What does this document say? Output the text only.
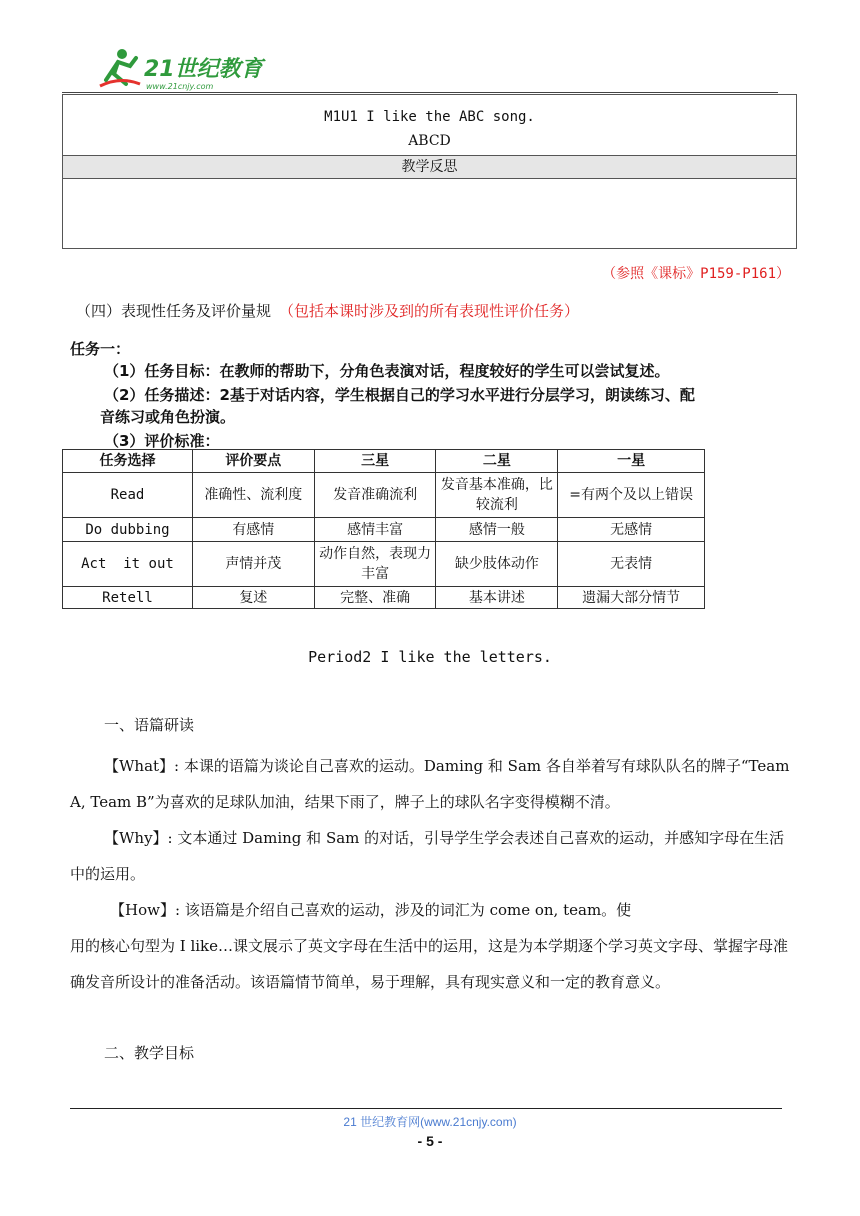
21世纪教育
www.21cnjy.com
M1U1 I like the ABC song.
ABCD
教学反思
（参照《课标》P159-P161）
（四）表现性任务及评价量规 （包括本课时涉及到的所有表现性评价任务）
任务一：
（1）任务目标：在教师的帮助下，分角色表演对话，程度较好的学生可以尝试复述。
（2）任务描述：2基于对话内容，学生根据自己的学习水平进行分层学习，朗读练习、配
音练习或角色扮演。
（3）评价标准：
任务选择	评价要点	三星	二星	一星
Read	准确性、流利度	发音准确流利	发音基本准确，比较流利	=有两个及以上错误
Do dubbing	有感情	感情丰富	感情一般	无感情
Act  it out	声情并茂	动作自然，表现力丰富	缺少肢体动作	无表情
Retell	复述	完整、准确	基本讲述	遗漏大部分情节
Period2 I like the letters.
一、语篇研读
【What】: 本课的语篇为谈论自己喜欢的运动。Daming 和 Sam 各自举着写有球队队名的牌子“Team A, Team B”为喜欢的足球队加油，结果下雨了，牌子上的球队名字变得模糊不清。
【Why】: 文本通过 Daming 和 Sam 的对话，引导学生学会表述自己喜欢的运动，并感知字母在生活中的运用。
【How】: 该语篇是介绍自己喜欢的运动，涉及的词汇为 come on, team。使
用的核心句型为 I like…课文展示了英文字母在生活中的运用，这是为本学期逐个学习英文字母、掌握字母准确发音所设计的准备活动。该语篇情节简单，易于理解，具有现实意义和一定的教育意义。
二、教学目标
21 世纪教育网(www.21cnjy.com)
- 5 -
